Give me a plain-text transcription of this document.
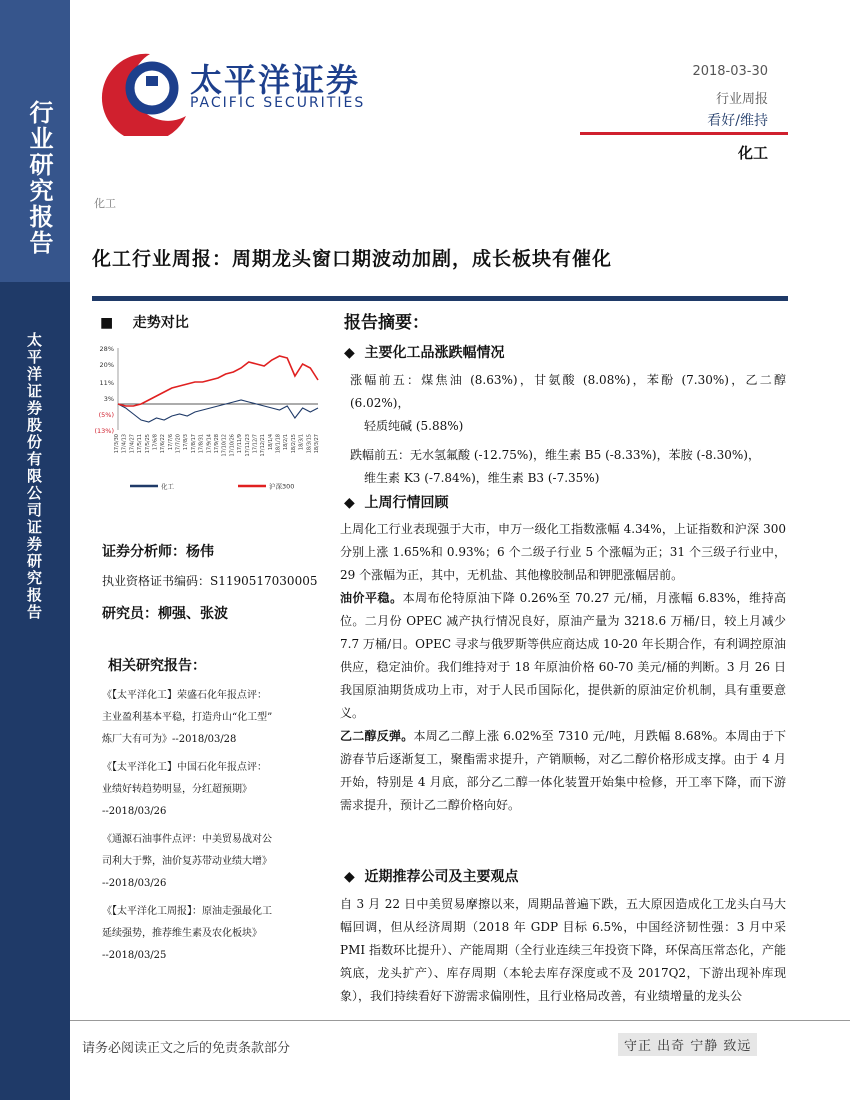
行业研究报告
太平洋证券股份有限公司证券研究报告
太平洋证券
PACIFIC SECURITIES
2018-03-30
行业周报
看好/维持
化工
化工
化工行业周报：周期龙头窗口期波动加剧，成长板块有催化
■ 走势对比
28%
20%
11%
3%
(5%)
(13%)
17/3/30 17/4/13 17/4/27 17/5/11 17/5/25 17/6/8 17/6/22 17/7/6 17/7/20 17/8/3 17/8/17 17/8/31 17/9/14 17/9/28 17/10/12 17/10/26 17/11/9 17/11/23 17/12/7 17/12/21 18/1/4 18/1/18 18/2/1 18/2/15 18/3/1 18/3/15 18/3/27
化工	沪深300
证券分析师：杨伟
执业资格证书编码：S1190517030005
研究员：柳强、张波
相关研究报告：
《【太平洋化工】荣盛石化年报点评：
主业盈利基本平稳，打造舟山“化工型”
炼厂大有可为》--2018/03/28
《【太平洋化工】中国石化年报点评：
业绩好转趋势明显，分红超预期》
--2018/03/26
《通源石油事件点评：中美贸易战对公
司利大于弊，油价复苏带动业绩大增》
--2018/03/26
《【太平洋化工周报】：原油走强最化工
延续强势，推荐维生素及农化板块》
--2018/03/25
报告摘要：
◆ 主要化工品涨跌幅情况
涨幅前五：煤焦油 (8.63%)，甘氨酸 (8.08%)，苯酚 (7.30%)，乙二醇 (6.02%)，
轻质纯碱 (5.88%)
跌幅前五：无水氢氟酸 (-12.75%)，维生素 B5 (-8.33%)，苯胺 (-8.30%)，
维生素 K3 (-7.84%)，维生素 B3 (-7.35%)
◆ 上周行情回顾

上周化工行业表现强于大市，申万一级化工指数涨幅 4.34%，上证指数和沪深 300 分别上涨 1.65%和 0.93%；6 个二级子行业 5 个涨幅为正；31 个三级子行业中，29 个涨幅为正，其中，无机盐、其他橡胶制品和钾肥涨幅居前。

油价平稳。本周布伦特原油下降 0.26%至 70.27 元/桶，月涨幅 6.83%，维持高位。二月份 OPEC 减产执行情况良好，原油产量为 3218.6 万桶/日，较上月减少 7.7 万桶/日。OPEC 寻求与俄罗斯等供应商达成 10-20 年长期合作，有利调控原油供应，稳定油价。我们维持对于 18 年原油价格 60-70 美元/桶的判断。3 月 26 日我国原油期货成功上市，对于人民币国际化，提供新的原油定价机制，具有重要意义。

乙二醇反弹。本周乙二醇上涨 6.02%至 7310 元/吨，月跌幅 8.68%。本周由于下游春节后逐渐复工，聚酯需求提升，产销顺畅，对乙二醇价格形成支撑。由于 4 月开始，特别是 4 月底，部分乙二醇一体化装置开始集中检修，开工率下降，而下游需求提升，预计乙二醇价格向好。

◆ 近期推荐公司及主要观点

自 3 月 22 日中美贸易摩擦以来，周期品普遍下跌，五大原因造成化工龙头白马大幅回调，但从经济周期（2018 年 GDP 目标 6.5%，中国经济韧性强：3 月中采 PMI 指数环比提升）、产能周期（全行业连续三年投资下降，环保高压常态化，产能筑底，龙头扩产）、库存周期（本轮去库存深度或不及 2017Q2，下游出现补库现象），我们持续看好下游需求偏刚性，且行业格局改善，有业绩增量的龙头公

请务必阅读正文之后的免责条款部分	守正 出奇 宁静 致远
